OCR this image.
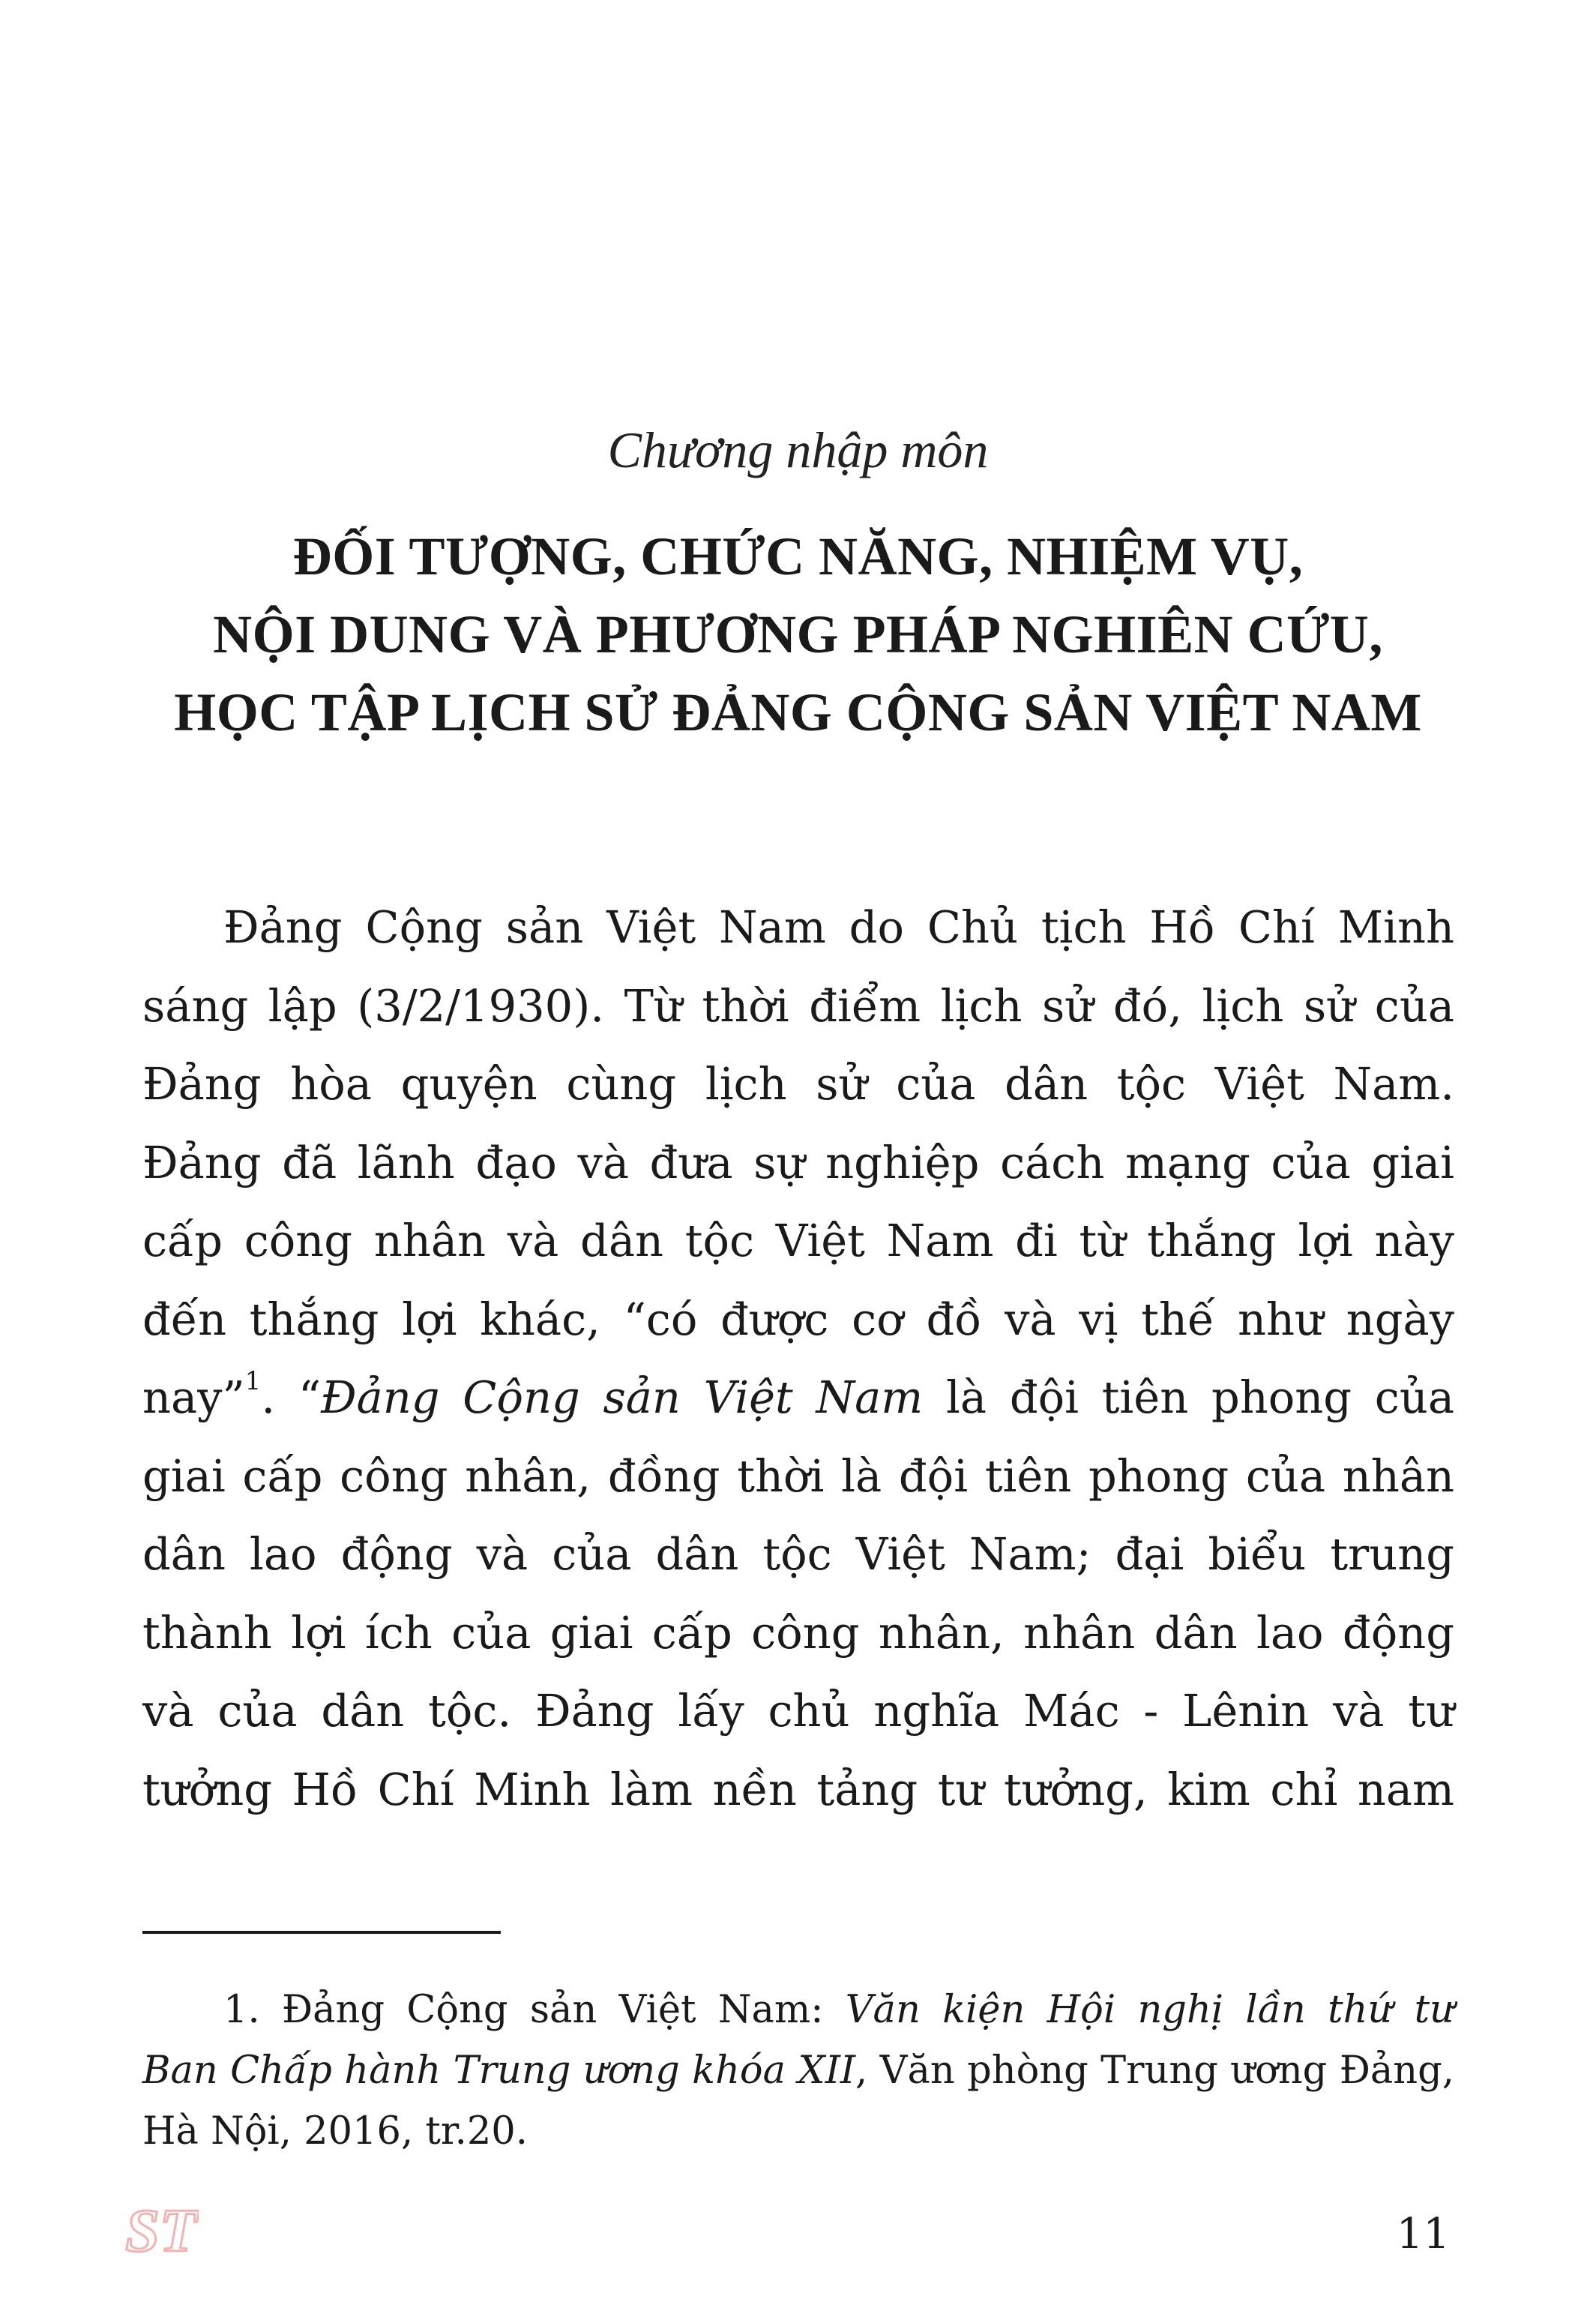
Chương nhập môn
ĐỐI TƯỢNG, CHỨC NĂNG, NHIỆM VỤ,
NỘI DUNG VÀ PHƯƠNG PHÁP NGHIÊN CỨU,
HỌC TẬP LỊCH SỬ ĐẢNG CỘNG SẢN VIỆT NAM
Đảng Cộng sản Việt Nam do Chủ tịch Hồ Chí Minh
sáng lập (3/2/1930). Từ thời điểm lịch sử đó, lịch sử của
Đảng hòa quyện cùng lịch sử của dân tộc Việt Nam.
Đảng đã lãnh đạo và đưa sự nghiệp cách mạng của giai
cấp công nhân và dân tộc Việt Nam đi từ thắng lợi này
đến thắng lợi khác, “có được cơ đồ và vị thế như ngày
nay”$^1$. “Đảng Cộng sản Việt Nam là đội tiên phong của
giai cấp công nhân, đồng thời là đội tiên phong của nhân
dân lao động và của dân tộc Việt Nam; đại biểu trung
thành lợi ích của giai cấp công nhân, nhân dân lao động
và của dân tộc. Đảng lấy chủ nghĩa Mác - Lênin và tư
tưởng Hồ Chí Minh làm nền tảng tư tưởng, kim chỉ nam
1. Đảng Cộng sản Việt Nam: Văn kiện Hội nghị lần thứ tư
Ban Chấp hành Trung ương khóa XII, Văn phòng Trung ương Đảng,
Hà Nội, 2016, tr.20.
ST	11
